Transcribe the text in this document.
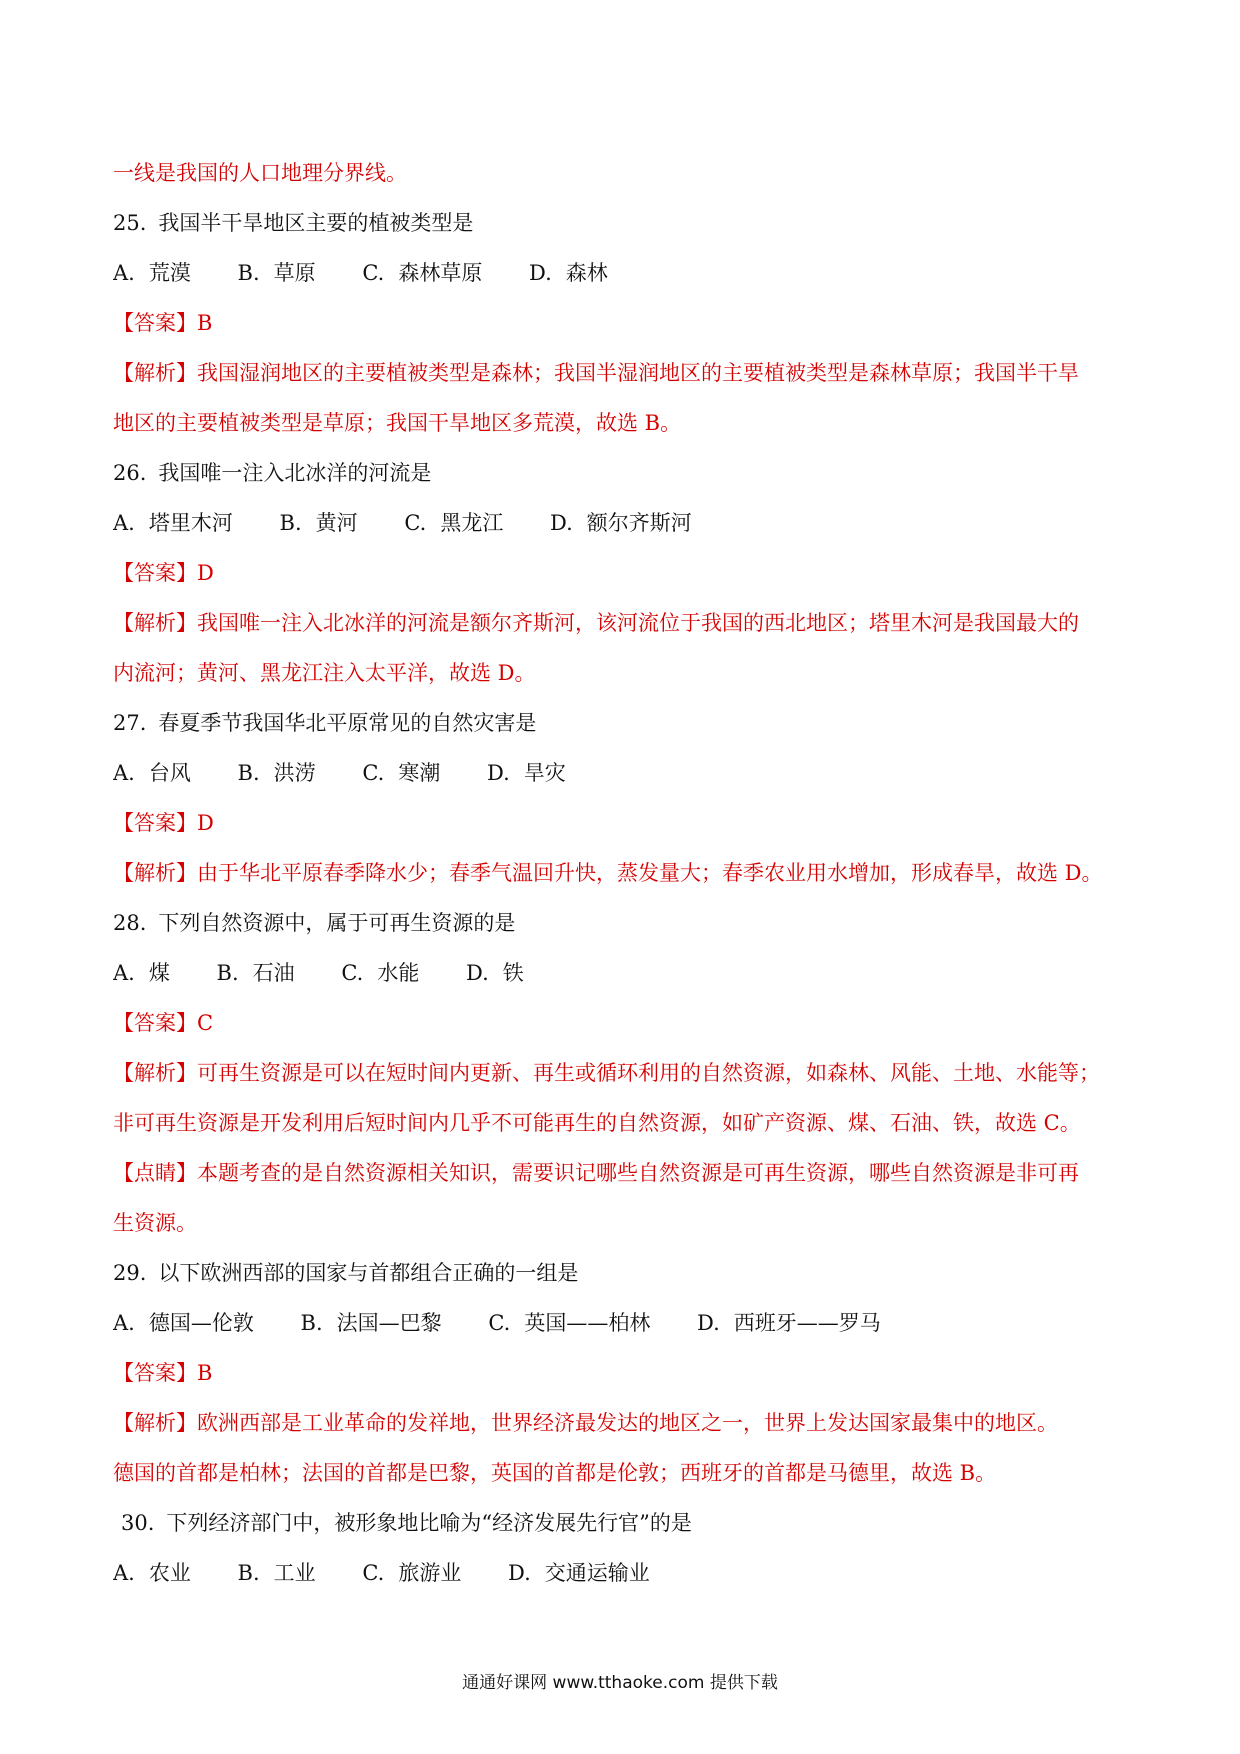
一线是我国的人口地理分界线。
25. 我国半干旱地区主要的植被类型是
A. 荒漠 B. 草原 C. 森林草原 D. 森林
【答案】B
【解析】我国湿润地区的主要植被类型是森林；我国半湿润地区的主要植被类型是森林草原；我国半干旱
地区的主要植被类型是草原；我国干旱地区多荒漠，故选 B。
26. 我国唯一注入北冰洋的河流是
A. 塔里木河 B. 黄河 C. 黑龙江 D. 额尔齐斯河
【答案】D
【解析】我国唯一注入北冰洋的河流是额尔齐斯河，该河流位于我国的西北地区；塔里木河是我国最大的
内流河；黄河、黑龙江注入太平洋，故选 D。
27. 春夏季节我国华北平原常见的自然灾害是
A. 台风 B. 洪涝 C. 寒潮 D. 旱灾
【答案】D
【解析】由于华北平原春季降水少；春季气温回升快，蒸发量大；春季农业用水增加，形成春旱，故选 D。
28. 下列自然资源中，属于可再生资源的是
A. 煤 B. 石油 C. 水能 D. 铁
【答案】C
【解析】可再生资源是可以在短时间内更新、再生或循环利用的自然资源，如森林、风能、土地、水能等；
非可再生资源是开发利用后短时间内几乎不可能再生的自然资源，如矿产资源、煤、石油、铁，故选 C。
【点睛】本题考查的是自然资源相关知识，需要识记哪些自然资源是可再生资源，哪些自然资源是非可再
生资源。
29. 以下欧洲西部的国家与首都组合正确的一组是
A. 德国—伦敦 B. 法国—巴黎 C. 英国——柏林 D. 西班牙——罗马
【答案】B
【解析】欧洲西部是工业革命的发祥地，世界经济最发达的地区之一，世界上发达国家最集中的地区。
德国的首都是柏林；法国的首都是巴黎，英国的首都是伦敦；西班牙的首都是马德里，故选 B。
30. 下列经济部门中，被形象地比喻为“经济发展先行官”的是
A. 农业 B. 工业 C. 旅游业 D. 交通运输业
通通好课网 www.tthaoke.com 提供下载
